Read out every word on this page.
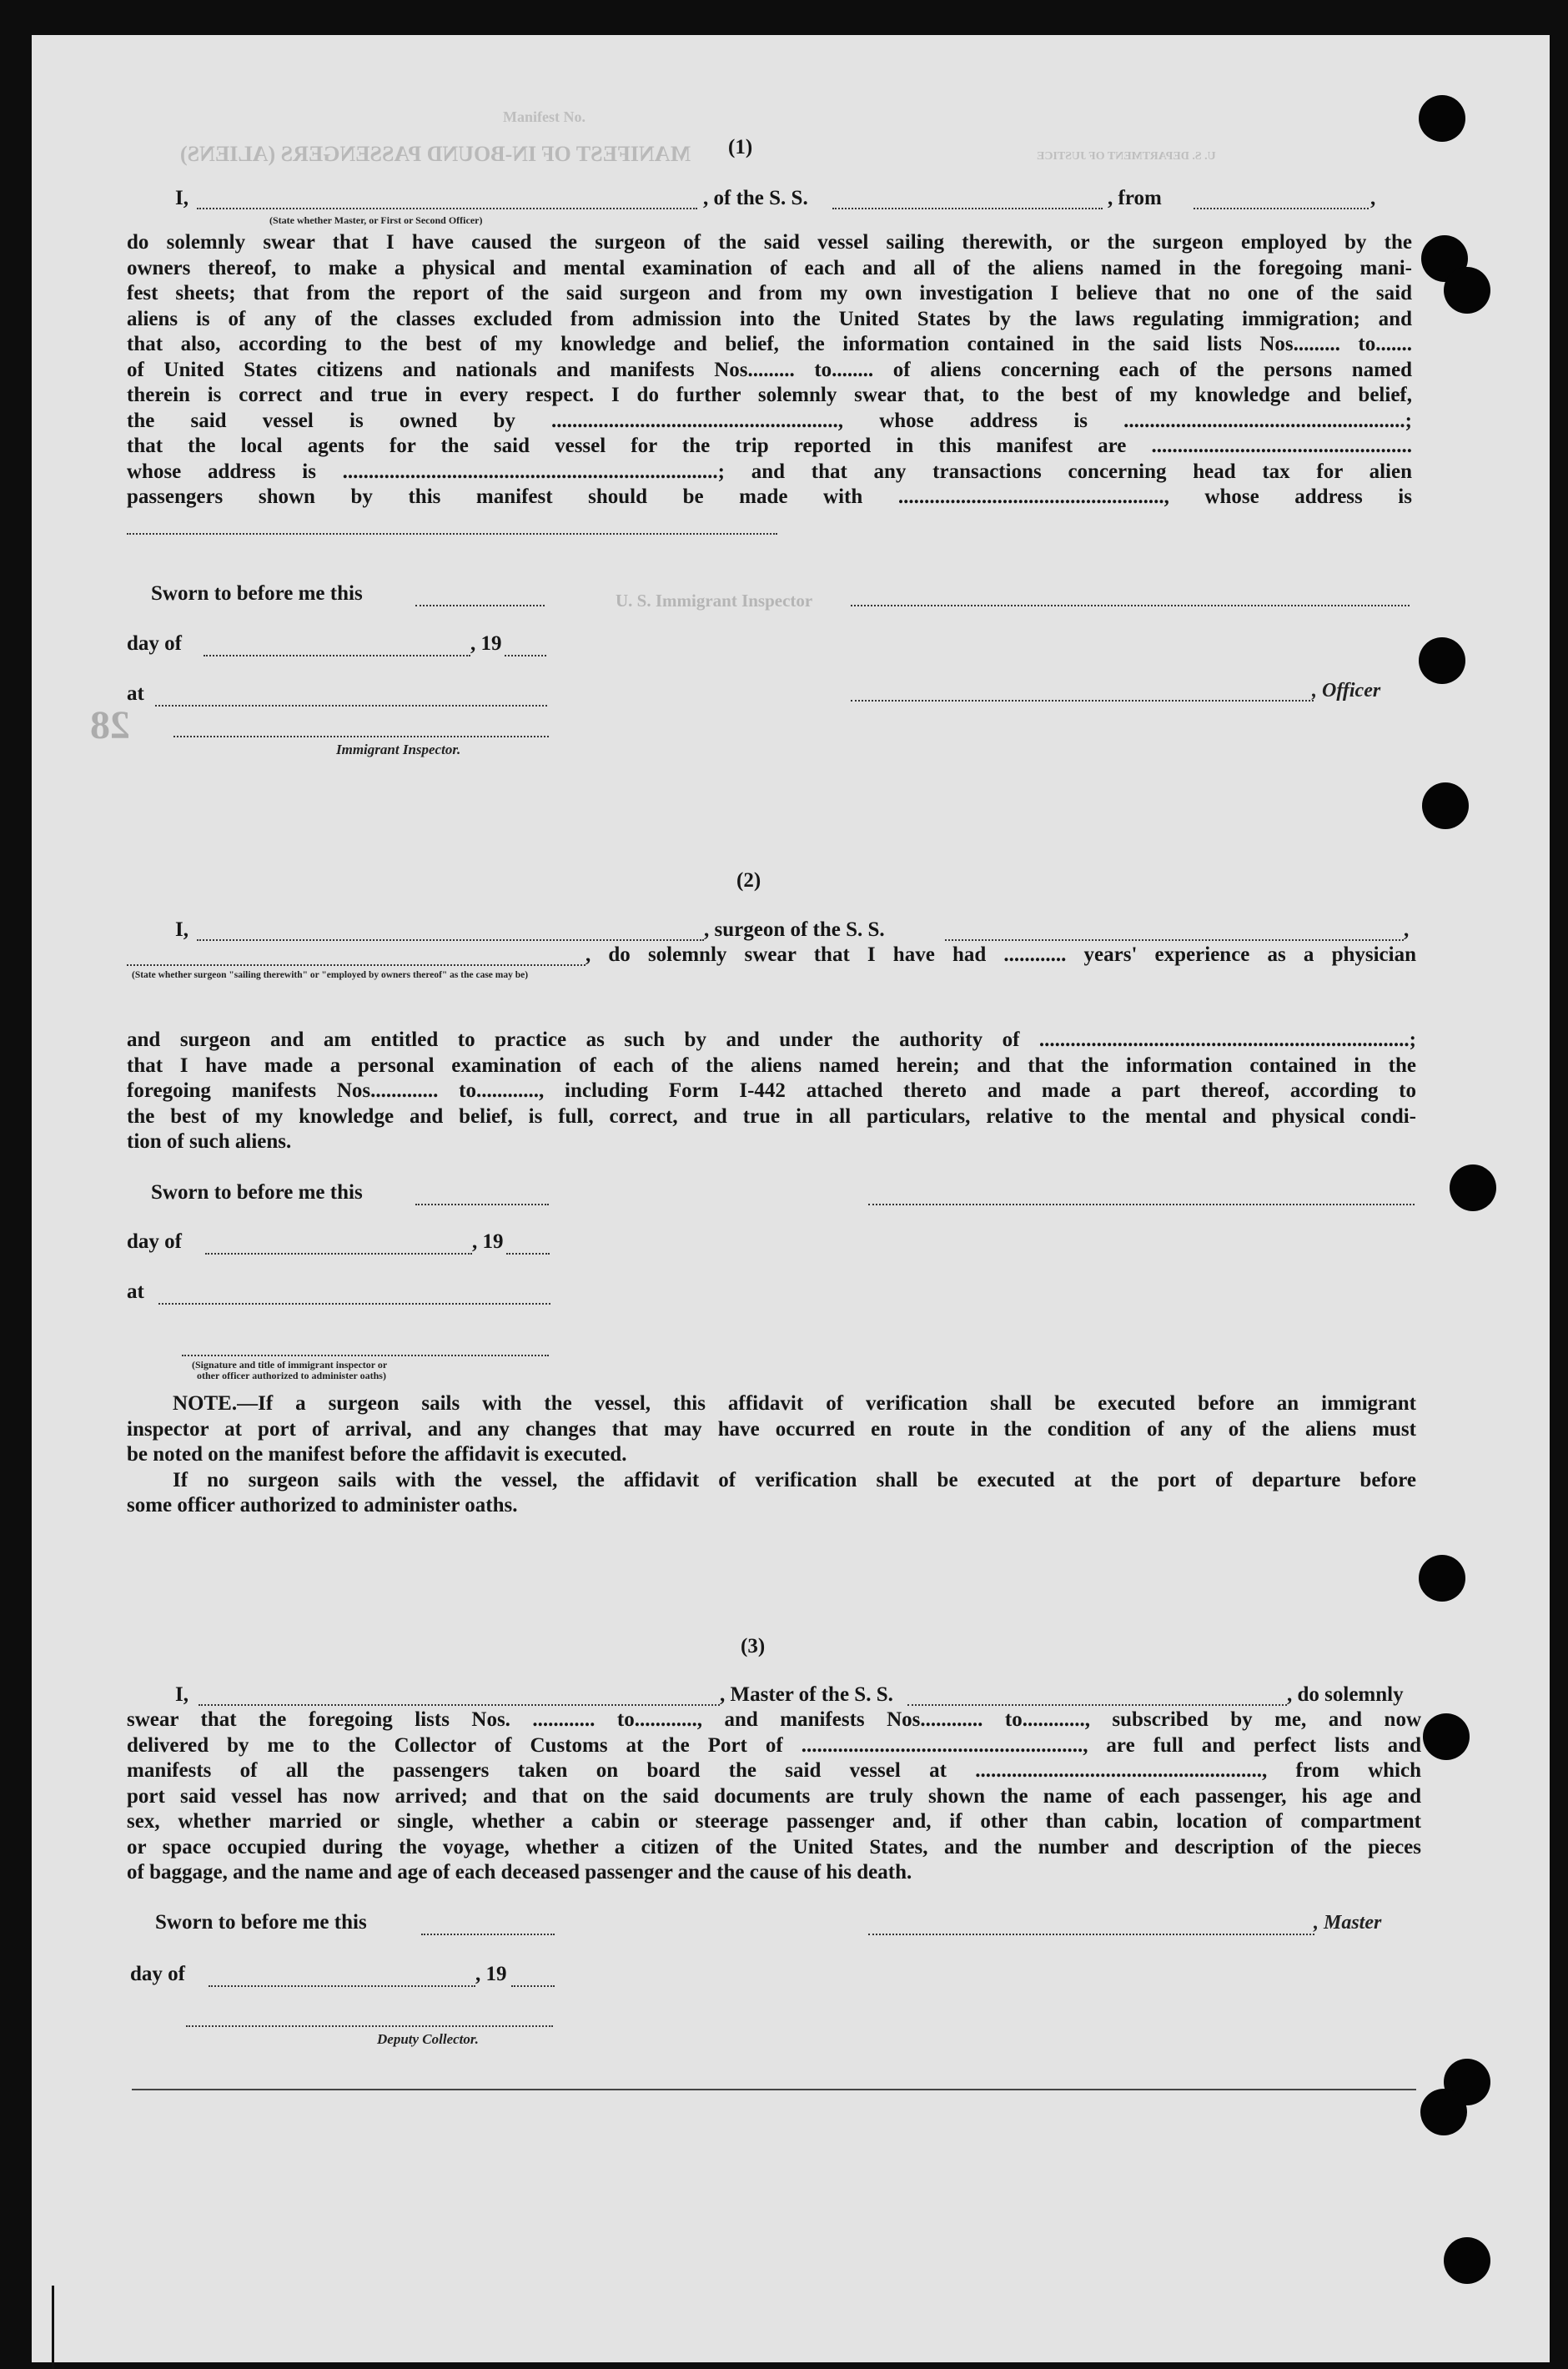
Manifest No.
MANIFEST OF IN-BOUND PASSENGERS (ALIENS)	U. S. DEPARTMENT OF JUSTICE
U. S. Immigrant Inspector
28
(1)
I,	, of the S. S.	, from	,
(State whether Master, or First or Second Officer)
do solemnly swear that I have caused the surgeon of the said vessel sailing therewith, or the surgeon employed by the
owners thereof, to make a physical and mental examination of each and all of the aliens named in the foregoing mani-
fest sheets; that from the report of the said surgeon and from my own investigation I believe that no one of the said
aliens is of any of the classes excluded from admission into the United States by the laws regulating immigration; and
that also, according to the best of my knowledge and belief, the information contained in the said lists Nos......... to.......
of United States citizens and nationals and manifests Nos......... to........ of aliens concerning each of the persons named
therein is correct and true in every respect. I do further solemnly swear that, to the best of my knowledge and belief,
the said vessel is owned by ......................................................., whose address is ......................................................;
that the local agents for the said vessel for the trip reported in this manifest are ..................................................
whose address is ........................................................................; and that any transactions concerning head tax for alien
passengers shown by this manifest should be made with ..................................................., whose address is
Sworn to before me this
day of	, 19
, Officer
at
Immigrant Inspector.
(2)
I,	, surgeon of the S. S.	,
, do solemnly swear that I have had ............ years' experience as a physician
(State whether surgeon "sailing therewith" or "employed by owners thereof" as the case may be)
and surgeon and am entitled to practice as such by and under the authority of .......................................................................;
that I have made a personal examination of each of the aliens named herein; and that the information contained in the
foregoing manifests Nos............. to............, including Form I-442 attached thereto and made a part thereof, according to
the best of my knowledge and belief, is full, correct, and true in all particulars, relative to the mental and physical condi-
tion of such aliens.
Sworn to before me this
day of	, 19
at
(Signature and title of immigrant inspector or
other officer authorized to administer oaths)
NOTE.—If a surgeon sails with the vessel, this affidavit of verification shall be executed before an immigrant
inspector at port of arrival, and any changes that may have occurred en route in the condition of any of the aliens must
be noted on the manifest before the affidavit is executed.
If no surgeon sails with the vessel, the affidavit of verification shall be executed at the port of departure before
some officer authorized to administer oaths.
(3)
I,	, Master of the S. S.	, do solemnly
swear that the foregoing lists Nos. ............ to............, and manifests Nos............ to............, subscribed by me, and now
delivered by me to the Collector of Customs at the Port of ......................................................, are full and perfect lists and
manifests of all the passengers taken on board the said vessel at ......................................................., from which
port said vessel has now arrived; and that on the said documents are truly shown the name of each passenger, his age and
sex, whether married or single, whether a cabin or steerage passenger and, if other than cabin, location of compartment
or space occupied during the voyage, whether a citizen of the United States, and the number and description of the pieces
of baggage, and the name and age of each deceased passenger and the cause of his death.
Sworn to before me this	, Master
day of	, 19
Deputy Collector.
